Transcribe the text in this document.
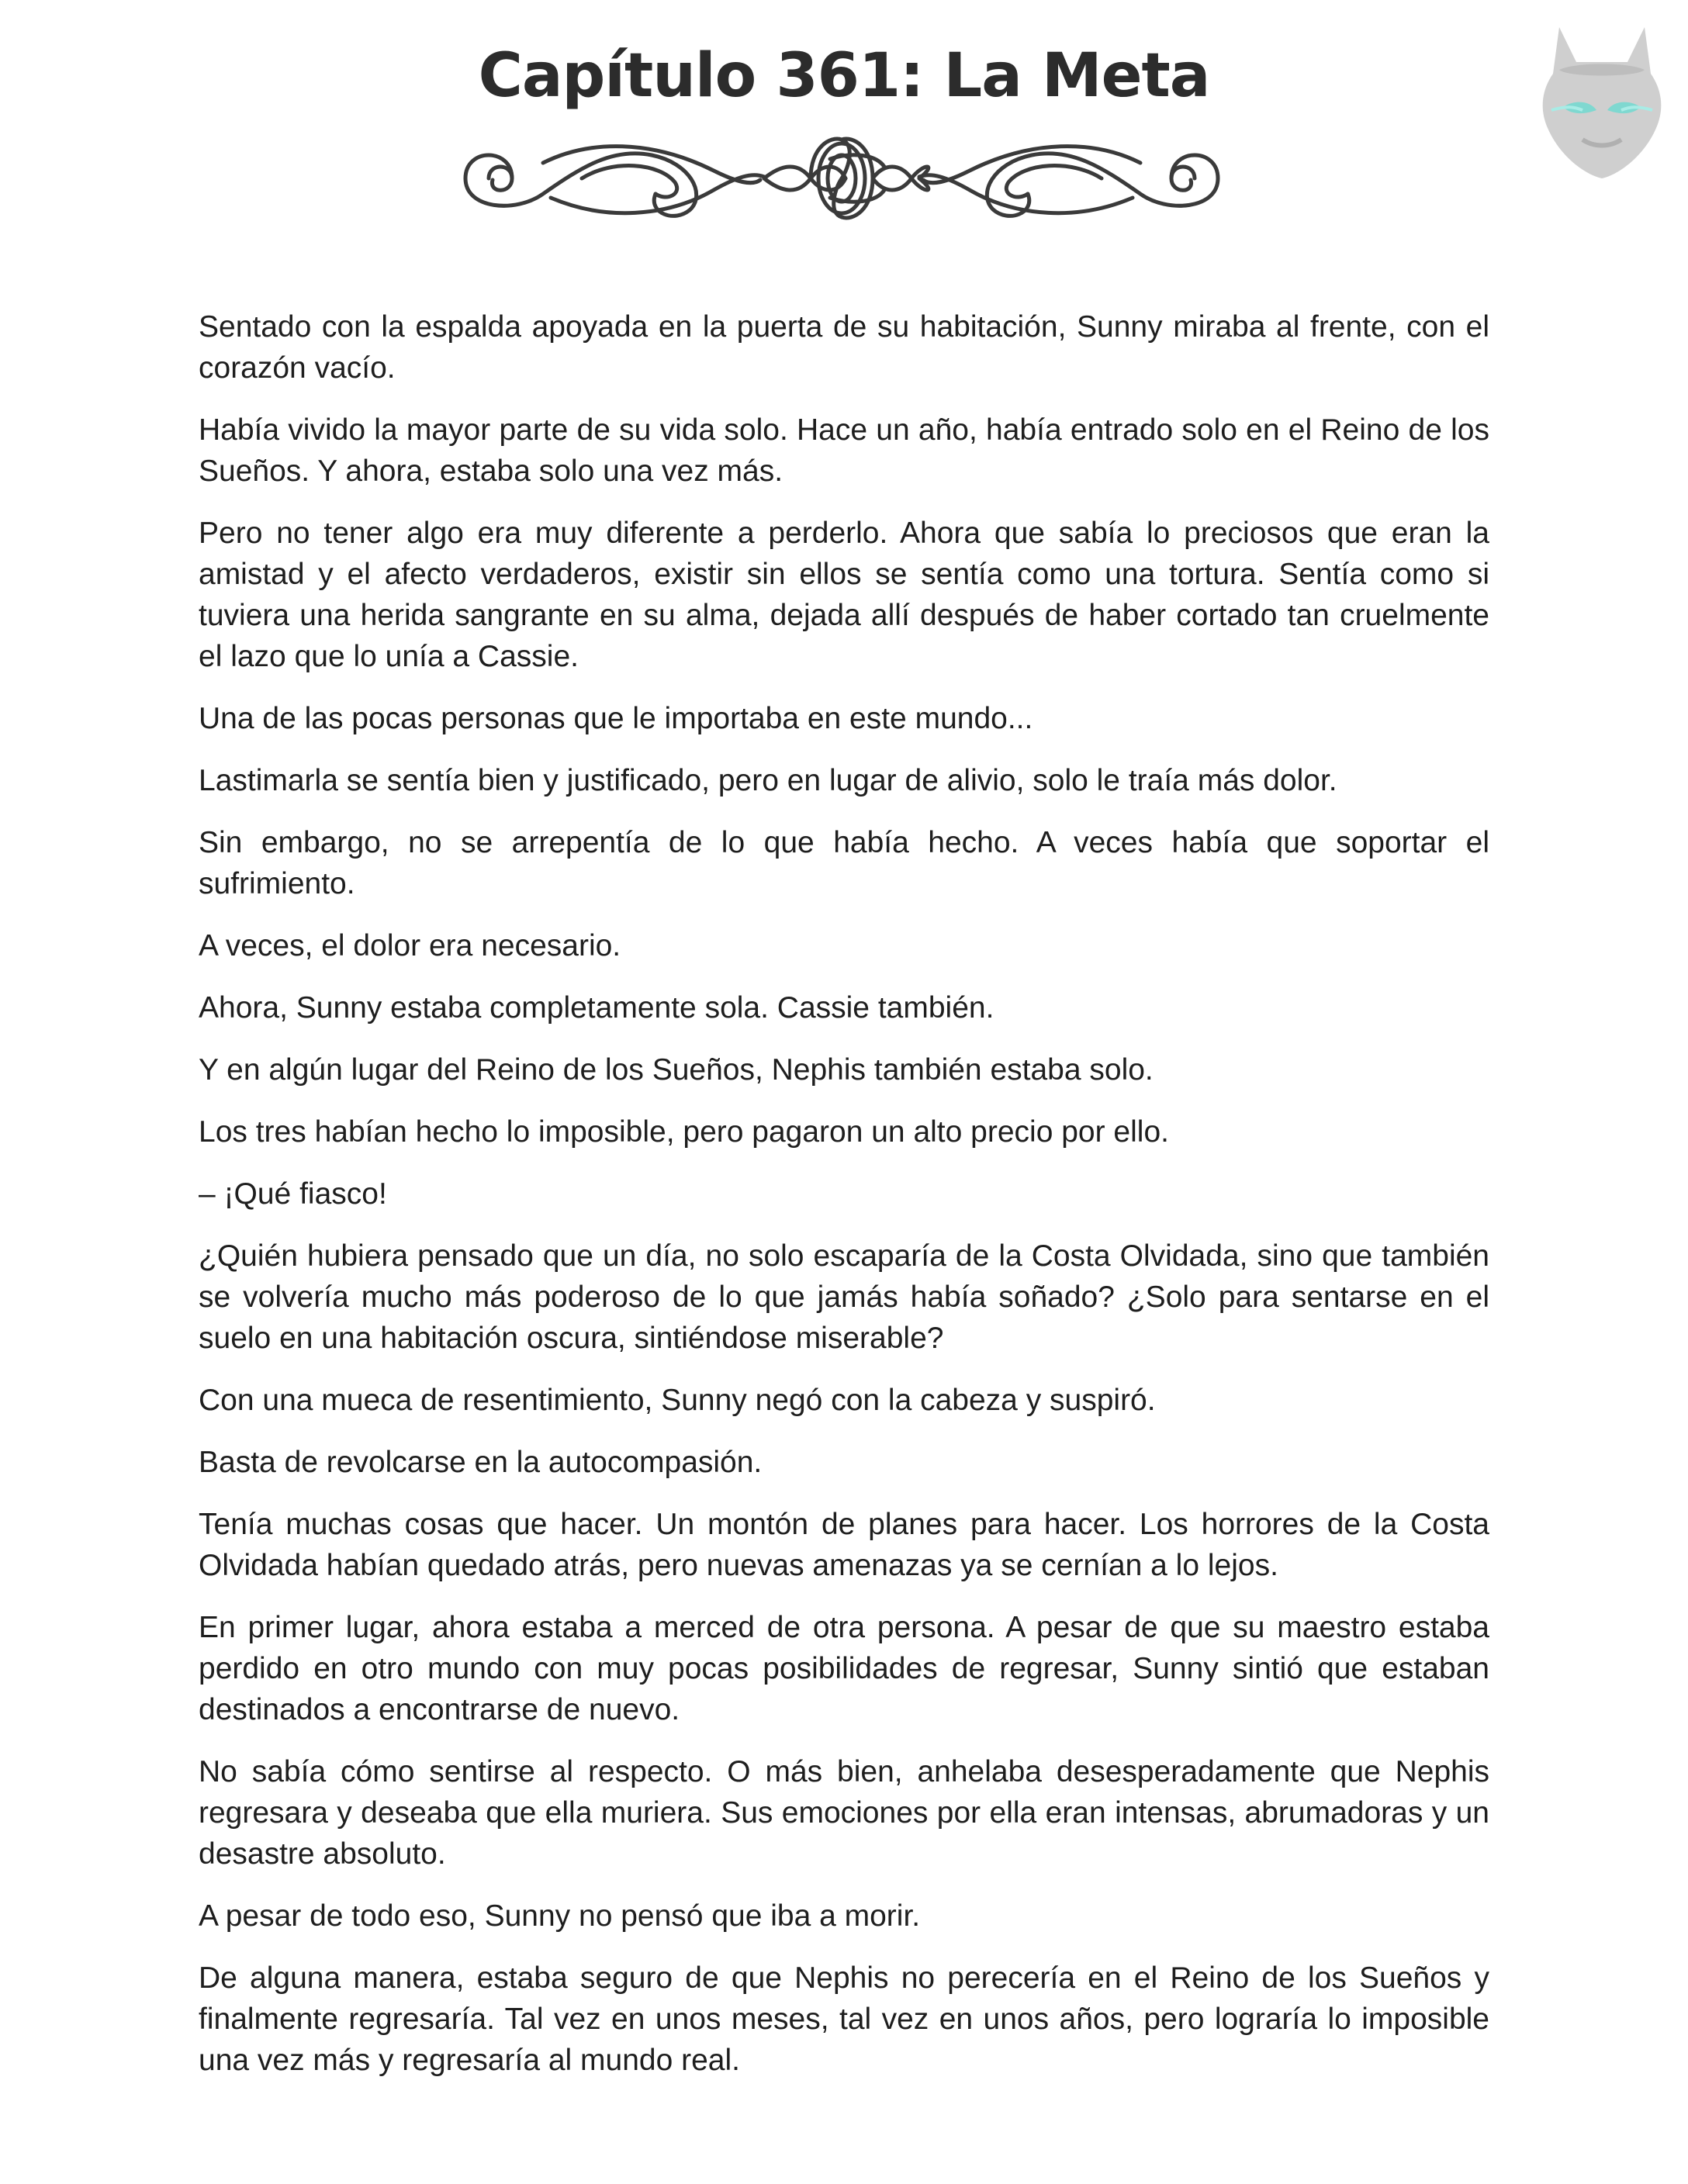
Capítulo 361: La Meta

Sentado con la espalda apoyada en la puerta de su habitación, Sunny miraba al frente, con el corazón vacío.

Había vivido la mayor parte de su vida solo. Hace un año, había entrado solo en el Reino de los Sueños. Y ahora, estaba solo una vez más.

Pero no tener algo era muy diferente a perderlo. Ahora que sabía lo preciosos que eran la amistad y el afecto verdaderos, existir sin ellos se sentía como una tortura. Sentía como si tuviera una herida sangrante en su alma, dejada allí después de haber cortado tan cruelmente el lazo que lo unía a Cassie.

Una de las pocas personas que le importaba en este mundo...

Lastimarla se sentía bien y justificado, pero en lugar de alivio, solo le traía más dolor.

Sin embargo, no se arrepentía de lo que había hecho. A veces había que soportar el sufrimiento.

A veces, el dolor era necesario.

Ahora, Sunny estaba completamente sola. Cassie también.

Y en algún lugar del Reino de los Sueños, Nephis también estaba solo.

Los tres habían hecho lo imposible, pero pagaron un alto precio por ello.

– ¡Qué fiasco!

¿Quién hubiera pensado que un día, no solo escaparía de la Costa Olvidada, sino que también se volvería mucho más poderoso de lo que jamás había soñado? ¿Solo para sentarse en el suelo en una habitación oscura, sintiéndose miserable?

Con una mueca de resentimiento, Sunny negó con la cabeza y suspiró.

Basta de revolcarse en la autocompasión.

Tenía muchas cosas que hacer. Un montón de planes para hacer. Los horrores de la Costa Olvidada habían quedado atrás, pero nuevas amenazas ya se cernían a lo lejos.

En primer lugar, ahora estaba a merced de otra persona. A pesar de que su maestro estaba perdido en otro mundo con muy pocas posibilidades de regresar, Sunny sintió que estaban destinados a encontrarse de nuevo.

No sabía cómo sentirse al respecto. O más bien, anhelaba desesperadamente que Nephis regresara y deseaba que ella muriera. Sus emociones por ella eran intensas, abrumadoras y un desastre absoluto.

A pesar de todo eso, Sunny no pensó que iba a morir.

De alguna manera, estaba seguro de que Nephis no perecería en el Reino de los Sueños y finalmente regresaría. Tal vez en unos meses, tal vez en unos años, pero lograría lo imposible una vez más y regresaría al mundo real.
